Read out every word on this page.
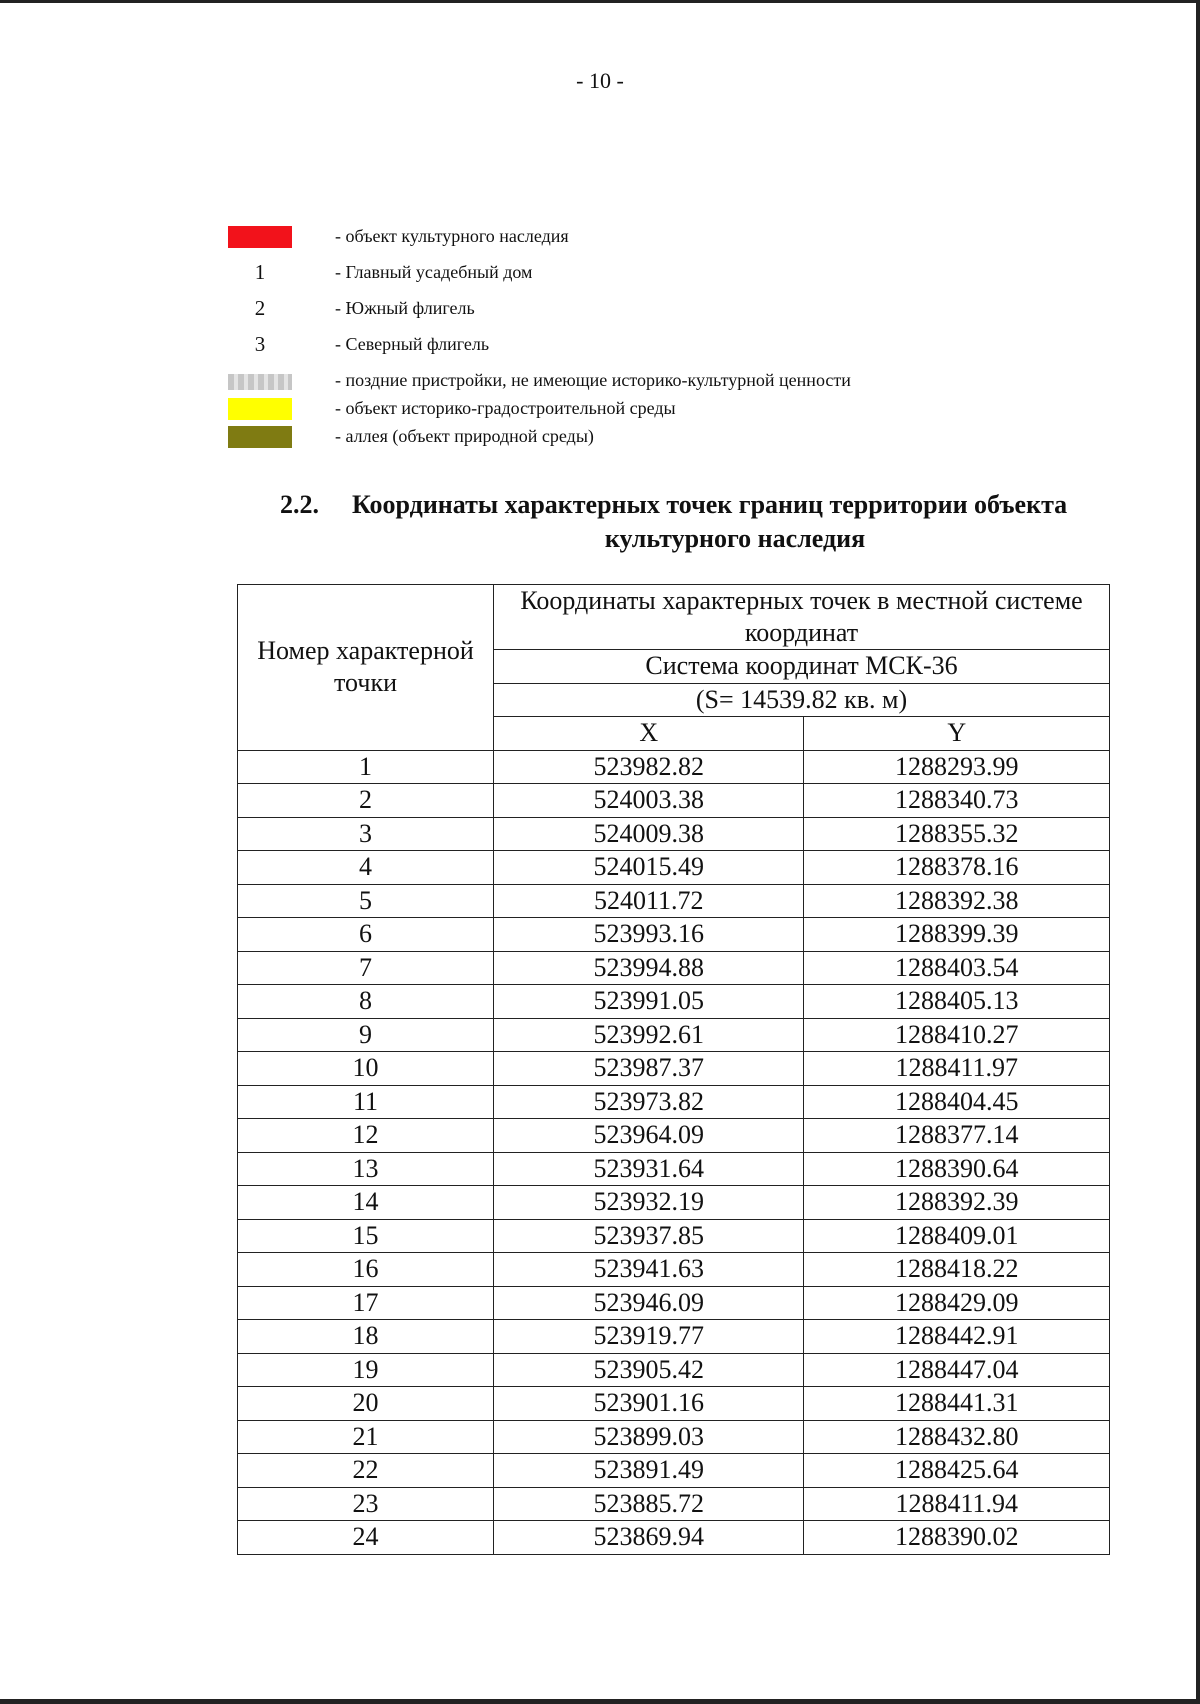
- 10 -
- объект культурного наследия
1	- Главный усадебный дом
2	- Южный флигель
3	- Северный флигель
- поздние пристройки, не имеющие историко-культурной ценности
- объект историко-градостроительной среды
- аллея (объект природной среды)
2.2. Координаты характерных точек границ территории объекта
культурного наследия
Номер характерной точки	Координаты характерных точек в местной системе координат	

	Система координат МСК-36	
	(S= 14539.82 кв. м)	
	X	Y
1	523982.82	1288293.99
2	524003.38	1288340.73
3	524009.38	1288355.32
4	524015.49	1288378.16
5	524011.72	1288392.38
6	523993.16	1288399.39
7	523994.88	1288403.54
8	523991.05	1288405.13
9	523992.61	1288410.27
10	523987.37	1288411.97
11	523973.82	1288404.45
12	523964.09	1288377.14
13	523931.64	1288390.64
14	523932.19	1288392.39
15	523937.85	1288409.01
16	523941.63	1288418.22
17	523946.09	1288429.09
18	523919.77	1288442.91
19	523905.42	1288447.04
20	523901.16	1288441.31
21	523899.03	1288432.80
22	523891.49	1288425.64
23	523885.72	1288411.94
24	523869.94	1288390.02
